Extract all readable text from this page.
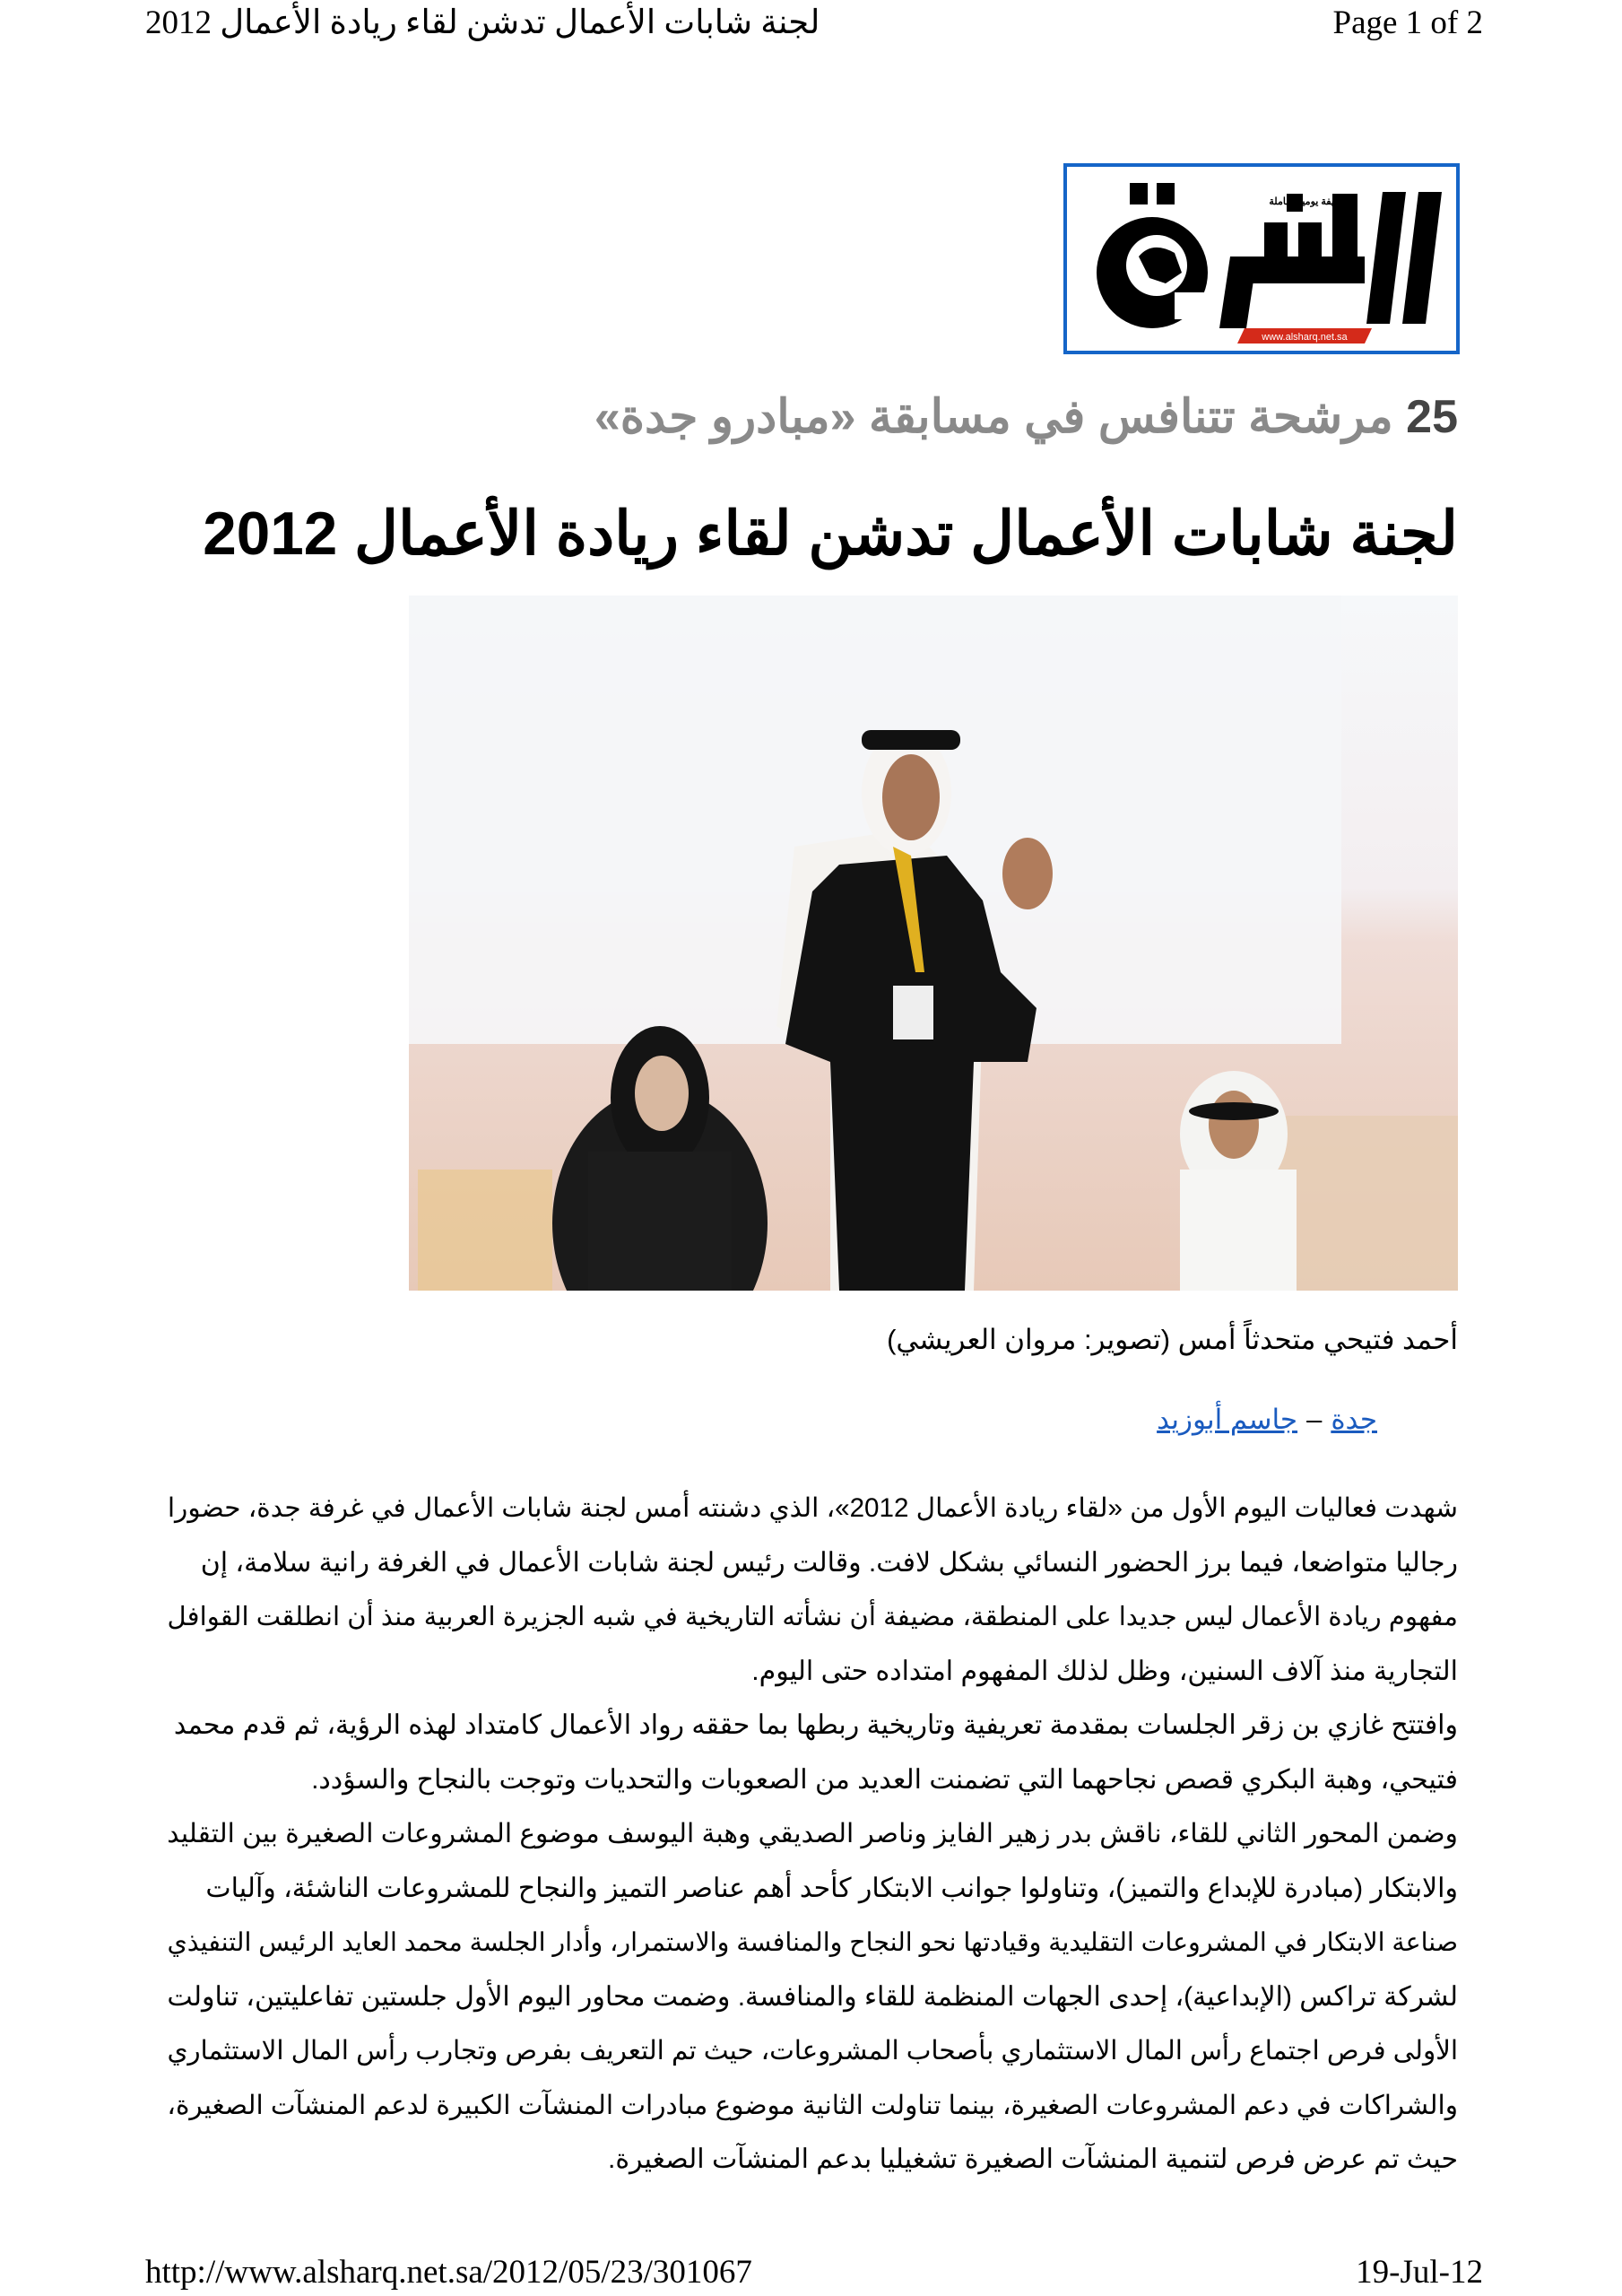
لجنة شابات الأعمال تدشن لقاء ريادة الأعمال 2012	Page 1 of 2
صحيفة يومية شاملة
www.alsharq.net.sa
25 مرشحة تتنافس في مسابقة «مبادرو جدة»
لجنة شابات الأعمال تدشن لقاء ريادة الأعمال 2012
أحمد فتيحي متحدثاً أمس (تصوير: مروان العريشي)
جدة–جاسم أبوزيد
شهدت فعاليات اليوم الأول من «لقاء ريادة الأعمال 2012»، الذي دشنته أمس لجنة شابات الأعمال في غرفة جدة، حضورا
رجاليا متواضعا، فيما برز الحضور النسائي بشكل لافت. وقالت رئيس لجنة شابات الأعمال في الغرفة رانية سلامة، إن
مفهوم ريادة الأعمال ليس جديدا على المنطقة، مضيفة أن نشأته التاريخية في شبه الجزيرة العربية منذ أن انطلقت القوافل
التجارية منذ آلاف السنين، وظل لذلك المفهوم امتداده حتى اليوم.
وافتتح غازي بن زقر الجلسات بمقدمة تعريفية وتاريخية ربطها بما حققه رواد الأعمال كامتداد لهذه الرؤية، ثم قدم محمد
فتيحي، وهبة البكري قصص نجاحهما التي تضمنت العديد من الصعوبات والتحديات وتوجت بالنجاح والسؤدد.
وضمن المحور الثاني للقاء، ناقش بدر زهير الفايز وناصر الصديقي وهبة اليوسف موضوع المشروعات الصغيرة بين التقليد
والابتكار (مبادرة للإبداع والتميز)، وتناولوا جوانب الابتكار كأحد أهم عناصر التميز والنجاح للمشروعات الناشئة، وآليات
صناعة الابتكار في المشروعات التقليدية وقيادتها نحو النجاح والمنافسة والاستمرار، وأدار الجلسة محمد العايد الرئيس التنفيذي
لشركة تراكس (الإبداعية)، إحدى الجهات المنظمة للقاء والمنافسة. وضمت محاور اليوم الأول جلستين تفاعليتين، تناولت
الأولى فرص اجتماع رأس المال الاستثماري بأصحاب المشروعات، حيث تم التعريف بفرص وتجارب رأس المال الاستثماري
والشراكات في دعم المشروعات الصغيرة، بينما تناولت الثانية موضوع مبادرات المنشآت الكبيرة لدعم المنشآت الصغيرة،
حيث تم عرض فرص لتنمية المنشآت الصغيرة تشغيليا بدعم المنشآت الصغيرة.
http://www.alsharq.net.sa/2012/05/23/301067	19-Jul-12
